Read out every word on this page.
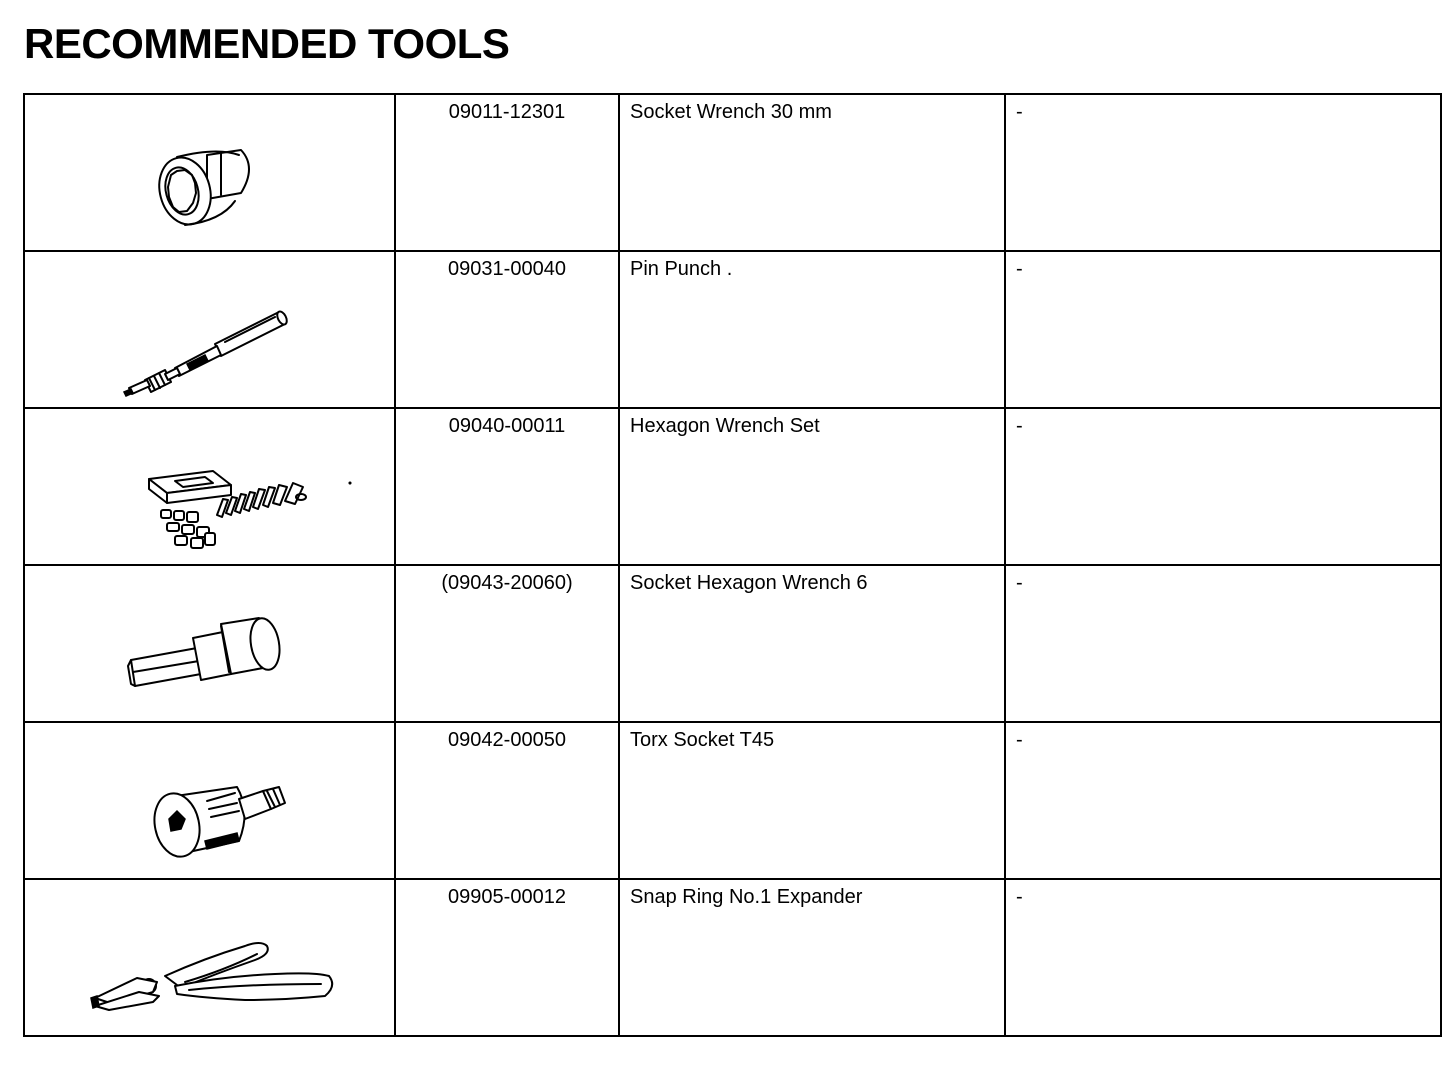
RECOMMENDED TOOLS
	09011-12301	Socket Wrench 30 mm	-

	09031-00040	Pin Punch .	-

	09040-00011	Hexagon Wrench Set	-

	(09043-20060)	Socket Hexagon Wrench 6	-

	09042-00050	Torx Socket T45	-

	09905-00012	Snap Ring No.1 Expander	-
